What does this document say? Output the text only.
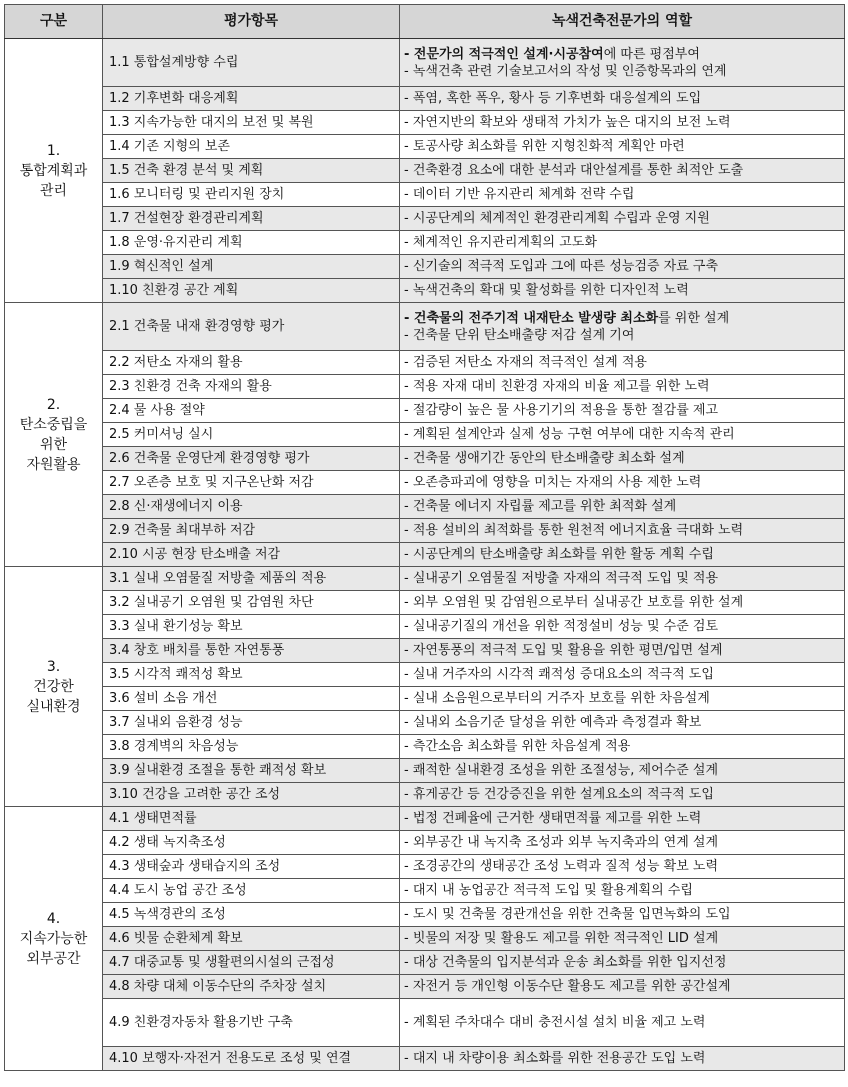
구분	평가항목	녹색건축전문가의 역할

1.
통합계획과
관리	1.1 통합설계방향 수립	- 전문가의 적극적인 설계·시공참여에 따른 평점부여
- 녹색건축 관련 기술보고서의 작성 및 인증항목과의 연계

	1.2 기후변화 대응계획	- 폭염, 혹한 폭우, 황사 등 기후변화 대응설계의 도입

	1.3 지속가능한 대지의 보전 및 복원	- 자연지반의 확보와 생태적 가치가 높은 대지의 보전 노력

	1.4 기존 지형의 보존	- 토공사량 최소화를 위한 지형친화적 계획안 마련

	1.5 건축 환경 분석 및 계획	- 건축환경 요소에 대한 분석과 대안설계를 통한 최적안 도출

	1.6 모니터링 및 관리지원 장치	- 데이터 기반 유지관리 체계화 전략 수립

	1.7 건설현장 환경관리계획	- 시공단계의 체계적인 환경관리계획 수립과 운영 지원

	1.8 운영·유지관리 계획	- 체계적인 유지관리계획의 고도화

	1.9 혁신적인 설계	- 신기술의 적극적 도입과 그에 따른 성능검증 자료 구축

	1.10 친환경 공간 계획	- 녹색건축의 확대 및 활성화를 위한 디자인적 노력

2.
탄소중립을
위한
자원활용	2.1 건축물 내재 환경영향 평가	- 건축물의 전주기적 내재탄소 발생량 최소화를 위한 설계
- 건축물 단위 탄소배출량 저감 설계 기여

	2.2 저탄소 자재의 활용	- 검증된 저탄소 자재의 적극적인 설계 적용

	2.3 친환경 건축 자재의 활용	- 적용 자재 대비 친환경 자재의 비율 제고를 위한 노력

	2.4 물 사용 절약	- 절감량이 높은 물 사용기기의 적용을 통한 절감률 제고

	2.5 커미셔닝 실시	- 계획된 설계안과 실제 성능 구현 여부에 대한 지속적 관리

	2.6 건축물 운영단계 환경영향 평가	- 건축물 생애기간 동안의 탄소배출량 최소화 설계

	2.7 오존층 보호 및 지구온난화 저감	- 오존층파괴에 영향을 미치는 자재의 사용 제한 노력

	2.8 신·재생에너지 이용	- 건축물 에너지 자립률 제고를 위한 최적화 설계

	2.9 건축물 최대부하 저감	- 적용 설비의 최적화를 통한 원천적 에너지효율 극대화 노력

	2.10 시공 현장 탄소배출 저감	- 시공단계의 탄소배출량 최소화를 위한 활동 계획 수립

3.
건강한
실내환경	3.1 실내 오염물질 저방출 제품의 적용	- 실내공기 오염물질 저방출 자재의 적극적 도입 및 적용

	3.2 실내공기 오염원 및 감염원 차단	- 외부 오염원 및 감염원으로부터 실내공간 보호를 위한 설계

	3.3 실내 환기성능 확보	- 실내공기질의 개선을 위한 적정설비 성능 및 수준 검토

	3.4 창호 배치를 통한 자연통풍	- 자연통풍의 적극적 도입 및 활용을 위한 평면/입면 설계

	3.5 시각적 쾌적성 확보	- 실내 거주자의 시각적 쾌적성 증대요소의 적극적 도입

	3.6 설비 소음 개선	- 실내 소음원으로부터의 거주자 보호를 위한 차음설계

	3.7 실내외 음환경 성능	- 실내외 소음기준 달성을 위한 예측과 측정결과 확보

	3.8 경계벽의 차음성능	- 측간소음 최소화를 위한 차음설계 적용

	3.9 실내환경 조절을 통한 쾌적성 확보	- 쾌적한 실내환경 조성을 위한 조절성능, 제어수준 설계

	3.10 건강을 고려한 공간 조성	- 휴게공간 등 건강증진을 위한 설계요소의 적극적 도입

4.
지속가능한
외부공간	4.1 생태면적률	- 법정 건폐율에 근거한 생태면적률 제고를 위한 노력

	4.2 생태 녹지축조성	- 외부공간 내 녹지축 조성과 외부 녹지축과의 연계 설계

	4.3 생태숲과 생태습지의 조성	- 조경공간의 생태공간 조성 노력과 질적 성능 확보 노력

	4.4 도시 농업 공간 조성	- 대지 내 농업공간 적극적 도입 및 활용계획의 수립

	4.5 녹색경관의 조성	- 도시 및 건축물 경관개선을 위한 건축물 입면녹화의 도입

	4.6 빗물 순환체계 확보	- 빗물의 저장 및 활용도 제고를 위한 적극적인 LID 설계

	4.7 대중교통 및 생활편의시설의 근접성	- 대상 건축물의 입지분석과 운송 최소화를 위한 입지선정

	4.8 차량 대체 이동수단의 주차장 설치	- 자전거 등 개인형 이동수단 활용도 제고를 위한 공간설계

	4.9 친환경자동차 활용기반 구축	- 계획된 주차대수 대비 충전시설 설치 비율 제고 노력

	4.10 보행자·자전거 전용도로 조성 및 연결	- 대지 내 차량이용 최소화를 위한 전용공간 도입 노력
